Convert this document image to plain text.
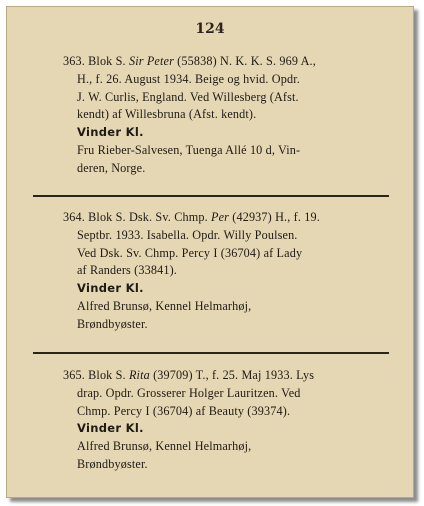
124
363. Blok S. Sir Peter (55838) N. K. K. S. 969 A.,
H., f. 26. August 1934. Beige og hvid. Opdr.
J. W. Curlis, England. Ved Willesberg (Afst.
kendt) af Willesbruna (Afst. kendt).
Vinder Kl.
Fru Rieber-Salvesen, Tuenga Allé 10 d, Vin-
deren, Norge.
364. Blok S. Dsk. Sv. Chmp. Per (42937) H., f. 19.
Septbr. 1933. Isabella. Opdr. Willy Poulsen.
Ved Dsk. Sv. Chmp. Percy I (36704) af Lady
af Randers (33841).
Vinder Kl.
Alfred Brunsø, Kennel Helmarhøj,
Brøndbyøster.
365. Blok S. Rita (39709) T., f. 25. Maj 1933. Lys
drap. Opdr. Grosserer Holger Lauritzen. Ved
Chmp. Percy I (36704) af Beauty (39374).
Vinder Kl.
Alfred Brunsø, Kennel Helmarhøj,
Brøndbyøster.
